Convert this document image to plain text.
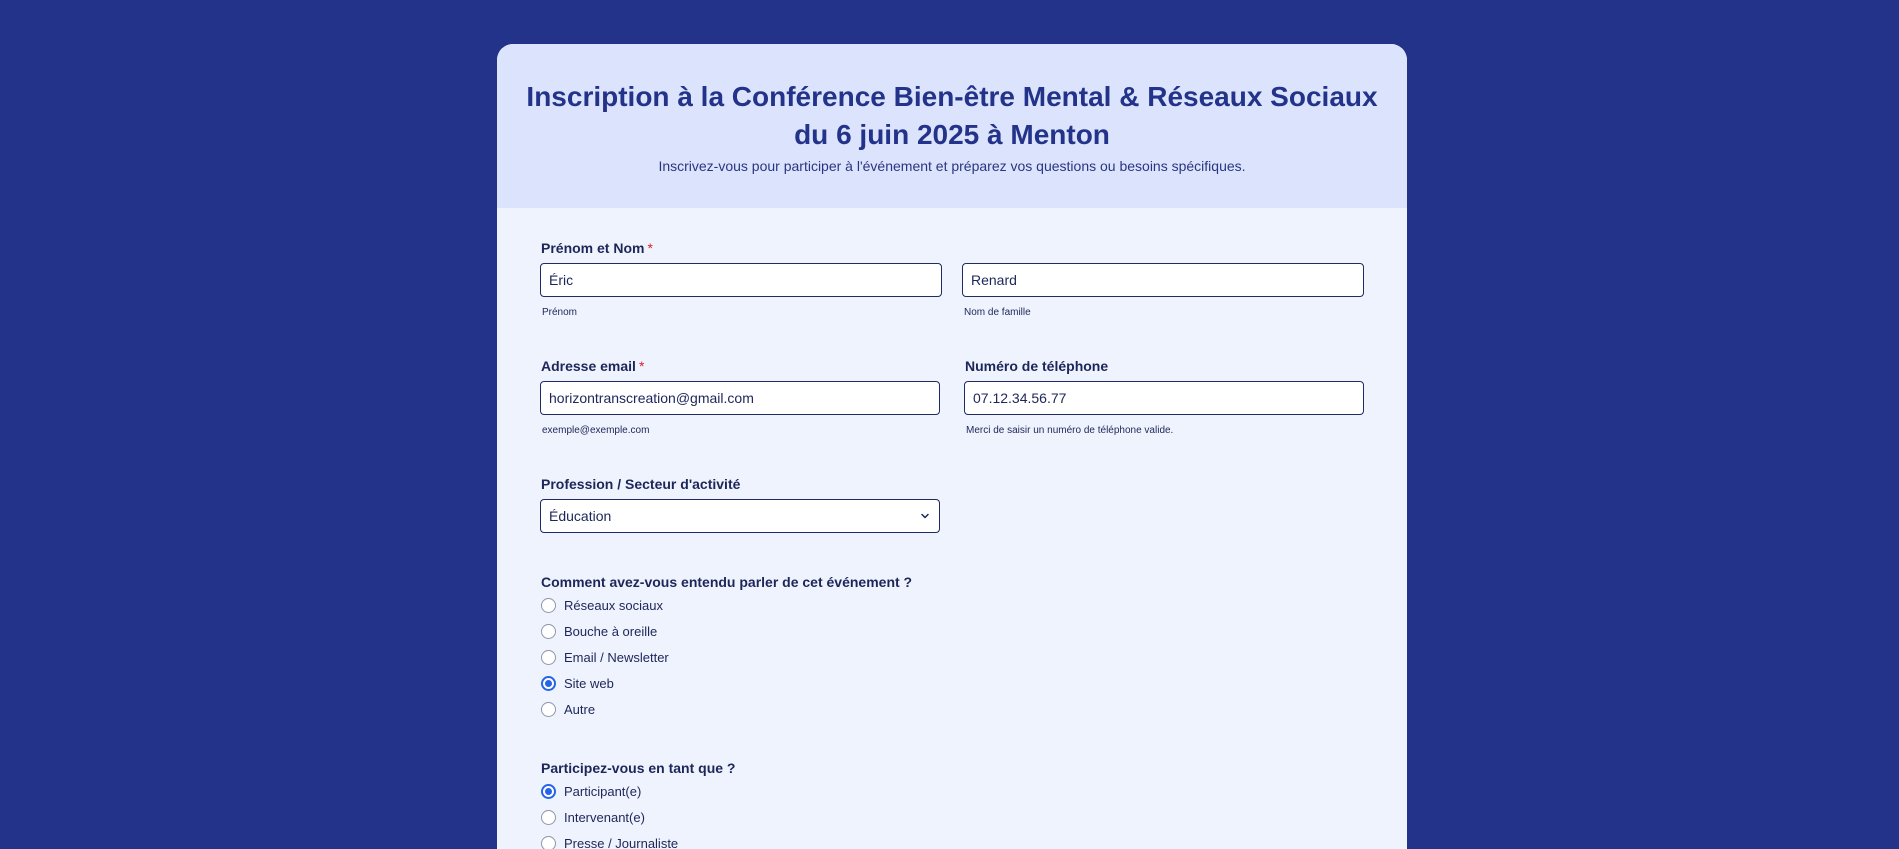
Inscription à la Conférence Bien-être Mental & Réseaux Sociaux
du 6 juin 2025 à Menton
Inscrivez-vous pour participer à l'événement et préparez vos questions ou besoins spécifiques.
Prénom et Nom *
Éric
Prénom
Renard	Nom de famille
Adresse email *
horizontranscreation@gmail.com
exemple@exemple.com
Numéro de téléphone
07.12.34.56.77
Merci de saisir un numéro de téléphone valide.
Profession / Secteur d'activité
Éducation
Comment avez-vous entendu parler de cet événement ?
Réseaux sociaux
Bouche à oreille
Email / Newsletter
Site web
Autre
Participez-vous en tant que ?
Participant(e)
Intervenant(e)
Presse / Journaliste
